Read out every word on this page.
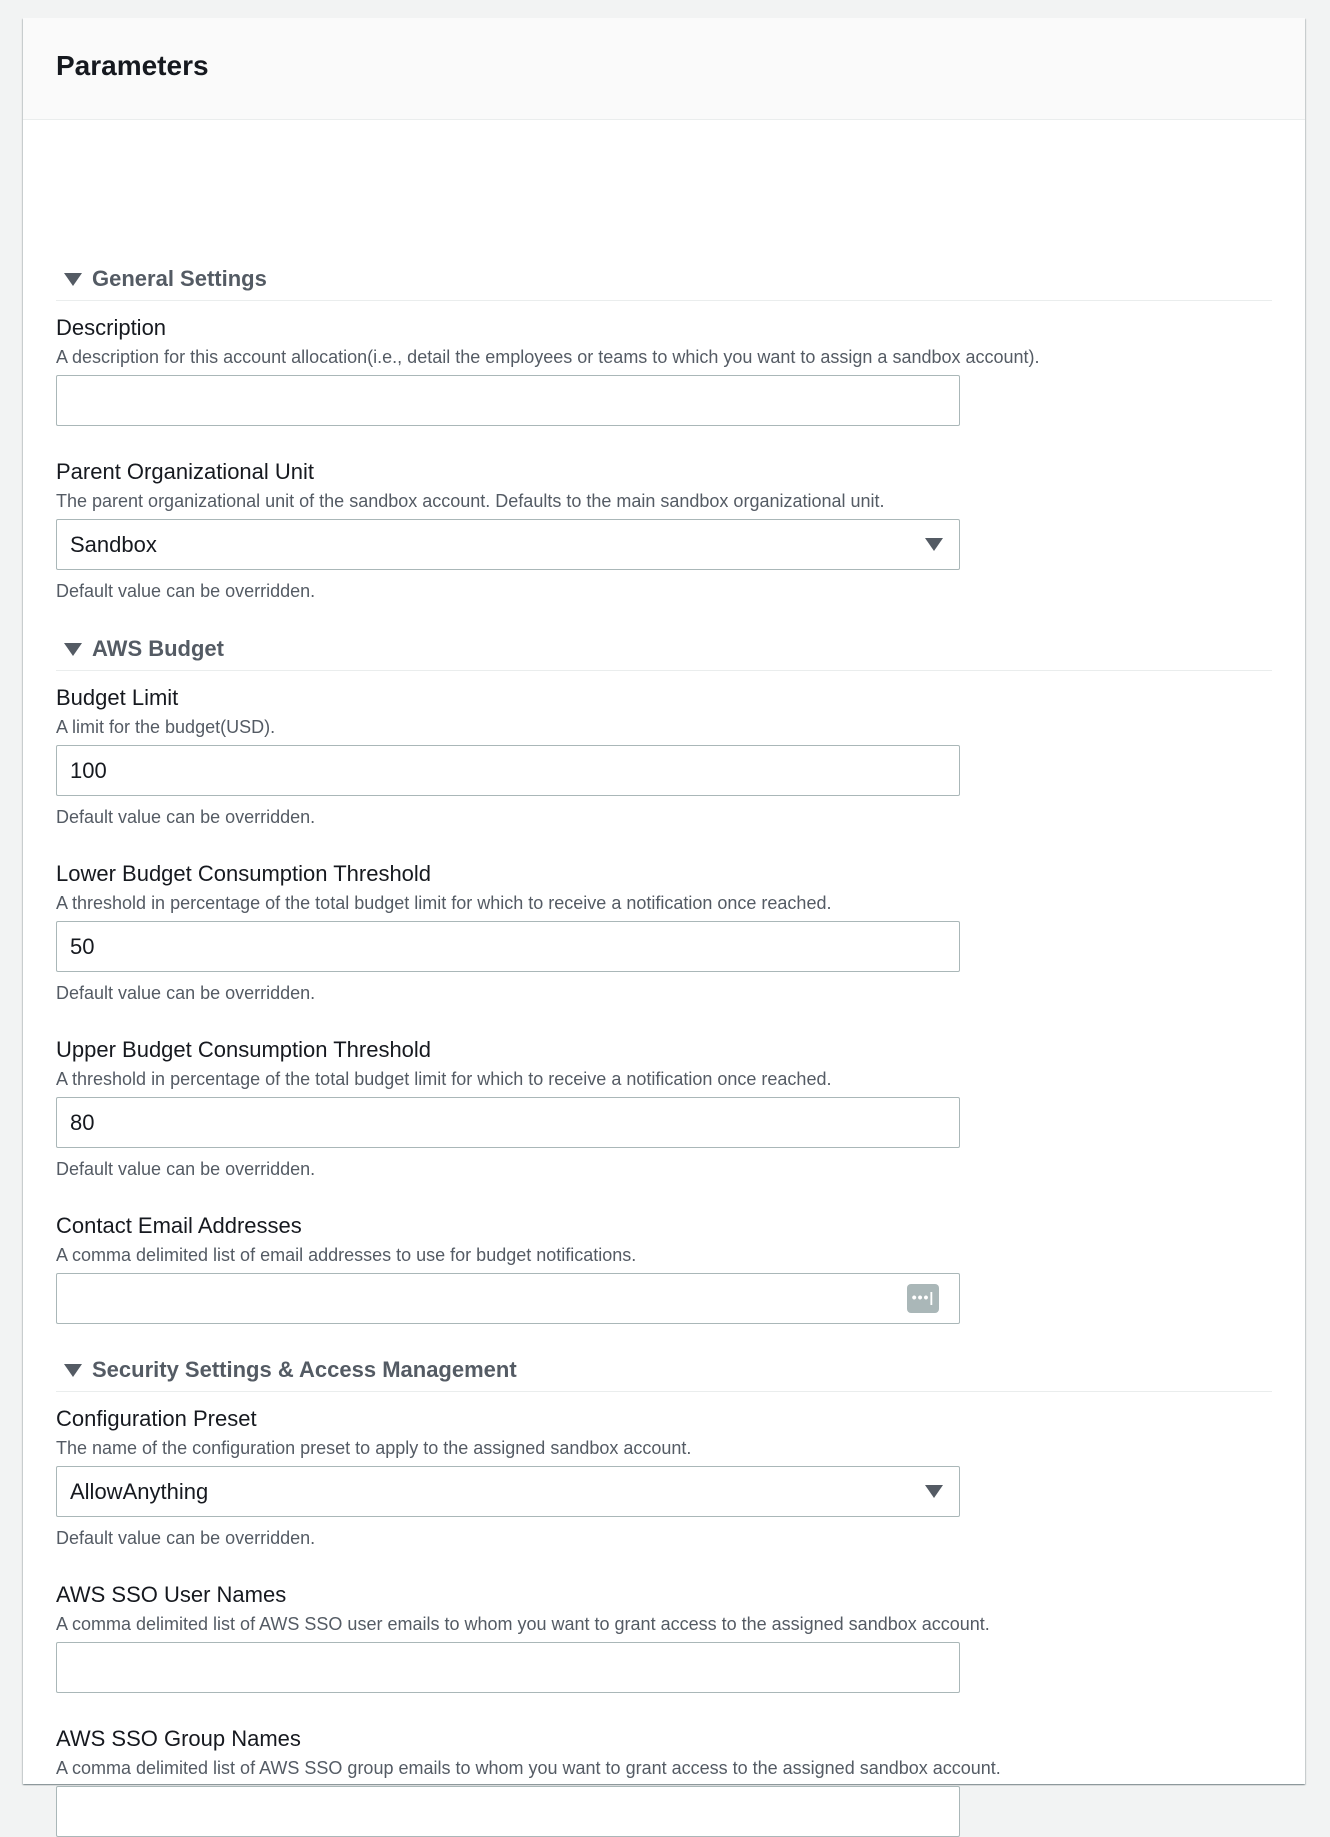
Parameters
General Settings
Description
A description for this account allocation(i.e., detail the employees or teams to which you want to assign a sandbox account).
Parent Organizational Unit
The parent organizational unit of the sandbox account. Defaults to the main sandbox organizational unit.
Sandbox
Default value can be overridden.
AWS Budget
Budget Limit
A limit for the budget(USD).
100
Default value can be overridden.
Lower Budget Consumption Threshold
A threshold in percentage of the total budget limit for which to receive a notification once reached.
50
Default value can be overridden.
Upper Budget Consumption Threshold
A threshold in percentage of the total budget limit for which to receive a notification once reached.
80
Default value can be overridden.
Contact Email Addresses
A comma delimited list of email addresses to use for budget notifications.
•••|
Security Settings & Access Management
Configuration Preset
The name of the configuration preset to apply to the assigned sandbox account.
AllowAnything
Default value can be overridden.
AWS SSO User Names
A comma delimited list of AWS SSO user emails to whom you want to grant access to the assigned sandbox account.
AWS SSO Group Names
A comma delimited list of AWS SSO group emails to whom you want to grant access to the assigned sandbox account.
